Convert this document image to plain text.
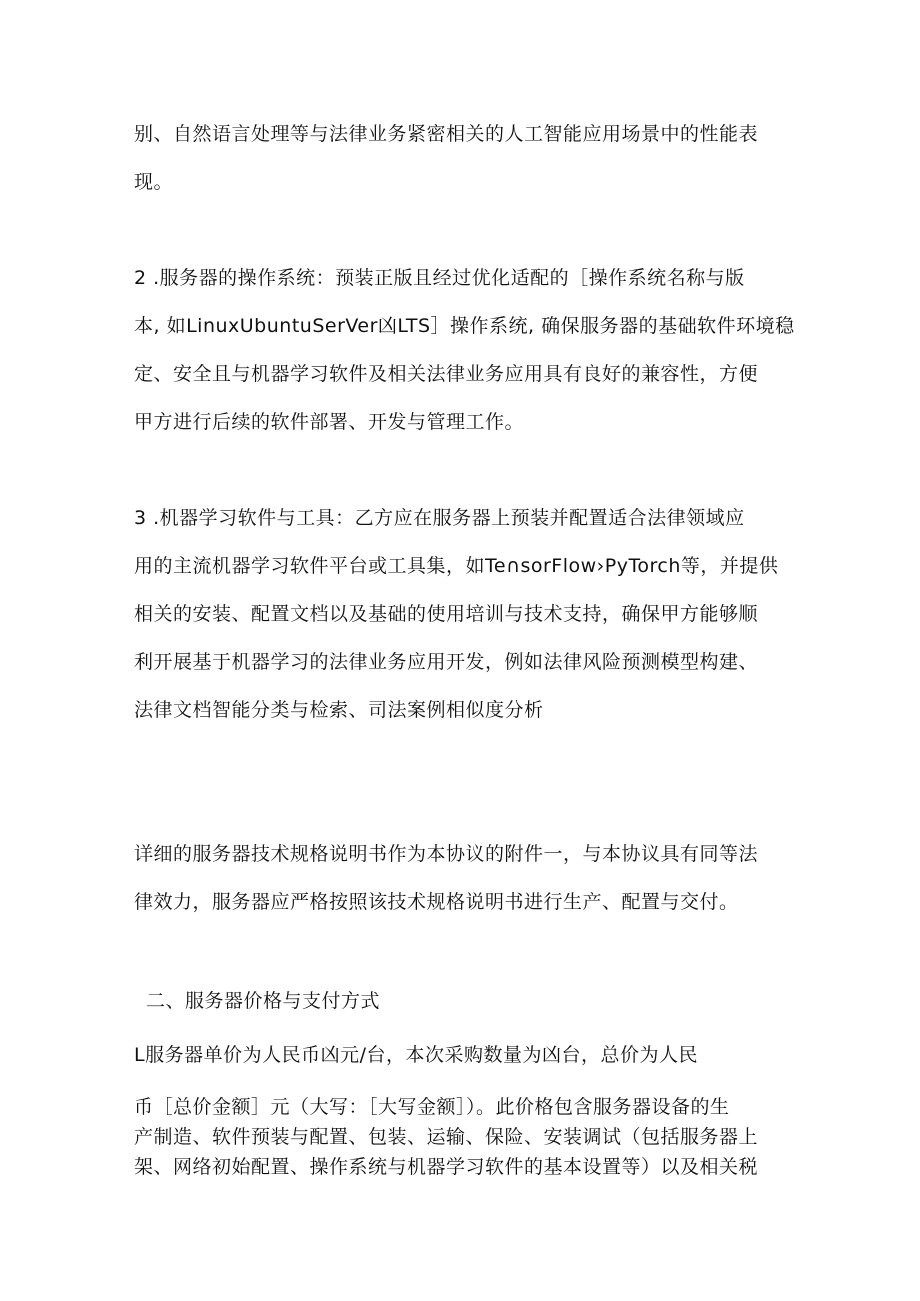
别、自然语言处理等与法律业务紧密相关的人工智能应用场景中的性能表
现。
2 .服务器的操作系统：预装正版且经过优化适配的［操作系统名称与版
本, 如LinuxUbuntuSerVer凶LTS］操作系统, 确保服务器的基础软件环境稳
定、安全且与机器学习软件及相关法律业务应用具有良好的兼容性，方便
甲方进行后续的软件部署、开发与管理工作。
3 .机器学习软件与工具：乙方应在服务器上预装并配置适合法律领域应
用的主流机器学习软件平台或工具集，如Te∩sorFlow›PyTorch等，并提供
相关的安装、配置文档以及基础的使用培训与技术支持，确保甲方能够顺
利开展基于机器学习的法律业务应用开发，例如法律风险预测模型构建、
法律文档智能分类与检索、司法案例相似度分析
详细的服务器技术规格说明书作为本协议的附件一，与本协议具有同等法
律效力，服务器应严格按照该技术规格说明书进行生产、配置与交付。
二、服务器价格与支付方式
L服务器单价为人民币凶元/台，本次采购数量为凶台，总价为人民
币［总价金额］元（大写：［大写金额］）。此价格包含服务器设备的生
产制造、软件预装与配置、包装、运输、保险、安装调试（包括服务器上
架、网络初始配置、操作系统与机器学习软件的基本设置等）以及相关税
